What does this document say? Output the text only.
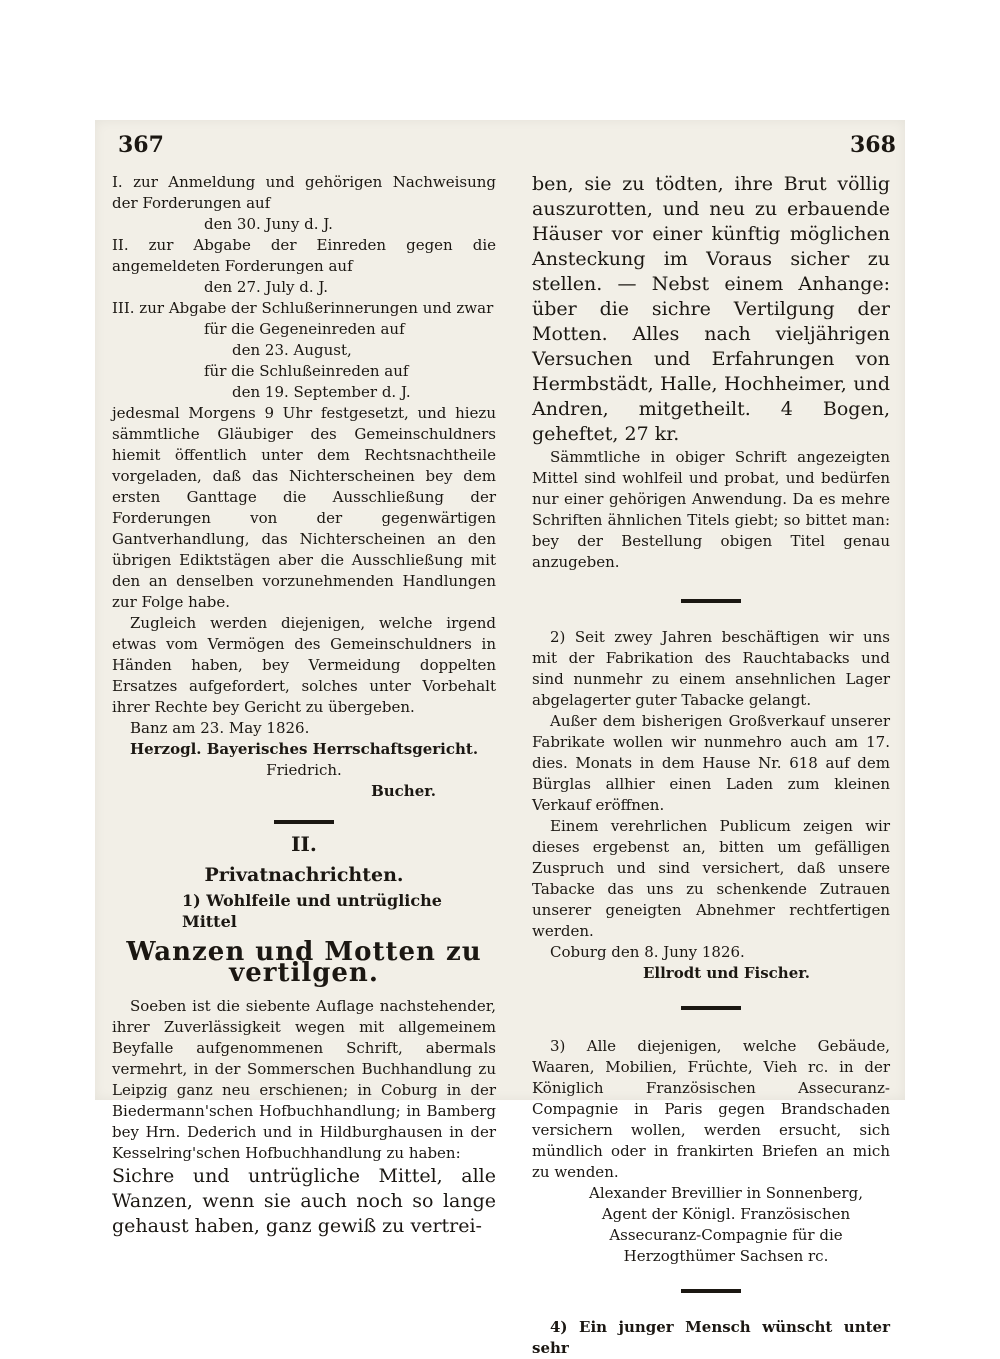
367	368

I. zur Anmeldung und gehörigen Nachweisung der Forderungen auf

den 30. Juny d. J.

II. zur Abgabe der Einreden gegen die angemeldeten Forderungen auf

den 27. July d. J.

III. zur Abgabe der Schlußerinnerungen und zwar

für die Gegeneinreden auf

den 23. August,

für die Schlußeinreden auf

den 19. September d. J.

jedesmal Morgens 9 Uhr festgesetzt, und hiezu sämmtliche Gläubiger des Gemeinschuldners hiemit öffentlich unter dem Rechtsnachtheile vorgeladen, daß das Nichterscheinen bey dem ersten Ganttage die Ausschließung der Forderungen von der gegenwärtigen Gantverhandlung, das Nichterscheinen an den übrigen Ediktstägen aber die Ausschließung mit den an denselben vorzunehmenden Handlungen zur Folge habe.

Zugleich werden diejenigen, welche irgend etwas vom Vermögen des Gemeinschuldners in Händen haben, bey Vermeidung doppelten Ersatzes aufgefordert, solches unter Vorbehalt ihrer Rechte bey Gericht zu übergeben.

Banz am 23. May 1826.

Herzogl. Bayerisches Herrschaftsgericht.

Friedrich.

Bucher.

II.
Privatnachrichten.
1) Wohlfeile und untrügliche Mittel
Wanzen und Motten zu vertilgen.

Soeben ist die siebente Auflage nachstehender, ihrer Zuverlässigkeit wegen mit allgemeinem Beyfalle aufgenommenen Schrift, abermals vermehrt, in der Sommerschen Buchhandlung zu Leipzig ganz neu erschienen; in Coburg in der Biedermann'schen Hofbuchhandlung; in Bamberg bey Hrn. Dederich und in Hildburghausen in der Kesselring'schen Hofbuchhandlung zu haben:

Sichre und untrügliche Mittel, alle Wanzen, wenn sie auch noch so lange gehaust haben, ganz gewiß zu vertrei-

ben, sie zu tödten, ihre Brut völlig auszurotten, und neu zu erbauende Häuser vor einer künftig möglichen Ansteckung im Voraus sicher zu stellen. — Nebst einem Anhange: über die sichre Vertilgung der Motten. Alles nach vieljährigen Versuchen und Erfahrungen von Hermbstädt, Halle, Hochheimer, und Andren, mitgetheilt. 4 Bogen, geheftet, 27 kr.

Sämmtliche in obiger Schrift angezeigten Mittel sind wohlfeil und probat, und bedürfen nur einer gehörigen Anwendung. Da es mehre Schriften ähnlichen Titels giebt; so bittet man: bey der Bestellung obigen Titel genau anzugeben.

2) Seit zwey Jahren beschäftigen wir uns mit der Fabrikation des Rauchtabacks und sind nunmehr zu einem ansehnlichen Lager abgelagerter guter Tabacke gelangt.

Außer dem bisherigen Großverkauf unserer Fabrikate wollen wir nunmehro auch am 17. dies. Monats in dem Hause Nr. 618 auf dem Bürglas allhier einen Laden zum kleinen Verkauf eröffnen.

Einem verehrlichen Publicum zeigen wir dieses ergebenst an, bitten um gefälligen Zuspruch und sind versichert, daß unsere Tabacke das uns zu schenkende Zutrauen unserer geneigten Abnehmer rechtfertigen werden.

Coburg den 8. Juny 1826.

Ellrodt und Fischer.

3) Alle diejenigen, welche Gebäude, Waaren, Mobilien, Früchte, Vieh rc. in der Königlich Französischen Assecuranz-Compagnie in Paris gegen Brandschaden versichern wollen, werden ersucht, sich mündlich oder in frankirten Briefen an mich zu wenden.

Alexander Brevillier in Sonnenberg,

Agent der Königl. Französischen Assecuranz-Compagnie für die Herzogthümer Sachsen rc.

4) Ein junger Mensch wünscht unter sehr
